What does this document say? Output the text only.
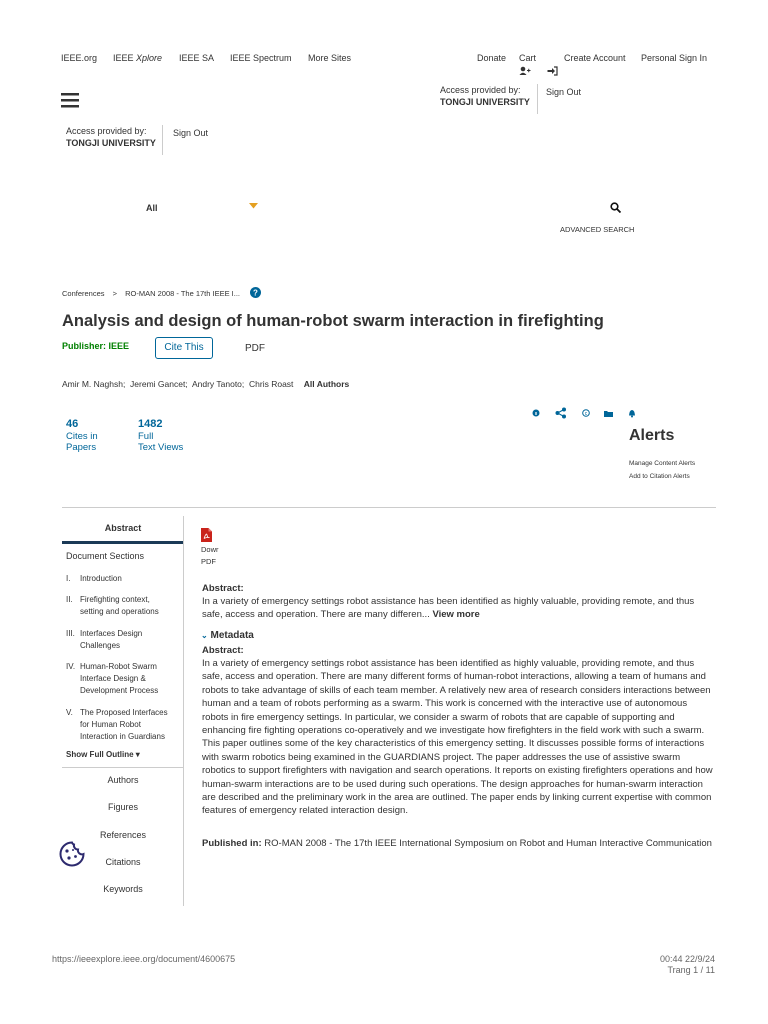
IEEE.org IEEE Xplore IEEE SA IEEE Spectrum More Sites	Donate Cart	Create Account Personal Sign In
Access provided by:
TONGJI UNIVERSITY
Sign Out
Access provided by:
TONGJI UNIVERSITY
Sign Out
All
ADVANCED SEARCH
Conferences > RO-MAN 2008 - The 17th IEEE I... ?
Analysis and design of human-robot swarm interaction in firefighting
Publisher: IEEE	Cite This	PDF
Amir M. Naghsh; Jeremi Gancet; Andry Tanoto; Chris Roast All Authors
46
Cites in
Papers
1482
Full
Text Views
c
Alerts
Manage Content Alerts
Add to Citation Alerts
Abstract
Document Sections
I. Introduction
II. Firefighting context,
setting and operations
III. Interfaces Design
Challenges
IV. Human-Robot Swarm
Interface Design &
Development Process
V. The Proposed Interfaces
for Human Robot
Interaction in Guardians
Show Full Outline ▾
Authors
Figures
References
Citations
Keywords
Dowr
PDF
Abstract:
In a variety of emergency settings robot assistance has been identified as highly valuable, providing remote, and thus safe, access and operation. There are many differen... View more
⌄ Metadata
Abstract:
In a variety of emergency settings robot assistance has been identified as highly valuable, providing remote, and thus safe, access and operation. There are many different forms of human-robot interactions, allowing a team of humans and robots to take advantage of skills of each team member. A relatively new area of research considers interactions between human and a team of robots performing as a swarm. This work is concerned with the interactive use of autonomous robots in fire emergency settings. In particular, we consider a swarm of robots that are capable of supporting and enhancing fire fighting operations co-operatively and we investigate how firefighters in the field work with such a swarm. This paper outlines some of the key characteristics of this emergency setting. It discusses possible forms of interactions with swarm robotics being examined in the GUARDIANS project. The paper addresses the use of assistive swarm robotics to support firefighters with navigation and search operations. It reports on existing firefighters operations and how human-swarm interactions are to be used during such operations. The design approaches for human-swarm interaction are described and the preliminary work in the area are outlined. The paper ends by linking current expertise with common features of emergency related interaction design.
Published in: RO-MAN 2008 - The 17th IEEE International Symposium on Robot and Human Interactive Communication
https://ieeexplore.ieee.org/document/4600675	00:44 22/9/24
Trang 1 / 11
